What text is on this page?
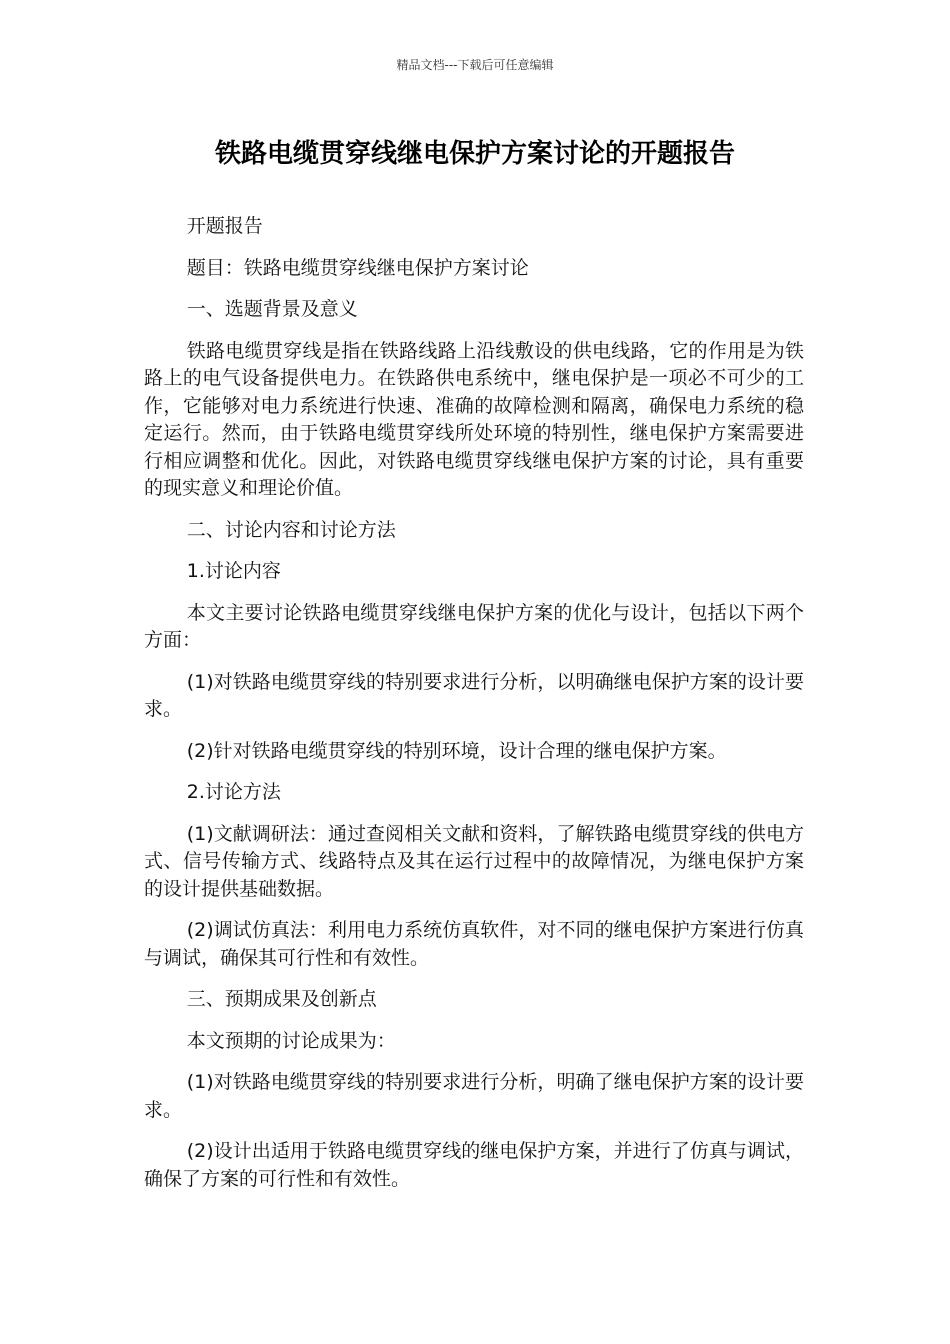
精品文档---下载后可任意编辑
铁路电缆贯穿线继电保护方案讨论的开题报告

开题报告

题目：铁路电缆贯穿线继电保护方案讨论

一、选题背景及意义

铁路电缆贯穿线是指在铁路线路上沿线敷设的供电线路，它的作用是为铁路上的电气设备提供电力。在铁路供电系统中，继电保护是一项必不可少的工作，它能够对电力系统进行快速、准确的故障检测和隔离，确保电力系统的稳定运行。然而，由于铁路电缆贯穿线所处环境的特别性，继电保护方案需要进行相应调整和优化。因此，对铁路电缆贯穿线继电保护方案的讨论，具有重要的现实意义和理论价值。

二、讨论内容和讨论方法

1.讨论内容

本文主要讨论铁路电缆贯穿线继电保护方案的优化与设计，包括以下两个方面：

(1)对铁路电缆贯穿线的特别要求进行分析，以明确继电保护方案的设计要求。

(2)针对铁路电缆贯穿线的特别环境，设计合理的继电保护方案。

2.讨论方法

(1)文献调研法：通过查阅相关文献和资料，了解铁路电缆贯穿线的供电方式、信号传输方式、线路特点及其在运行过程中的故障情况，为继电保护方案的设计提供基础数据。

(2)调试仿真法：利用电力系统仿真软件，对不同的继电保护方案进行仿真与调试，确保其可行性和有效性。

三、预期成果及创新点

本文预期的讨论成果为：

(1)对铁路电缆贯穿线的特别要求进行分析，明确了继电保护方案的设计要求。

(2)设计出适用于铁路电缆贯穿线的继电保护方案，并进行了仿真与调试，确保了方案的可行性和有效性。
